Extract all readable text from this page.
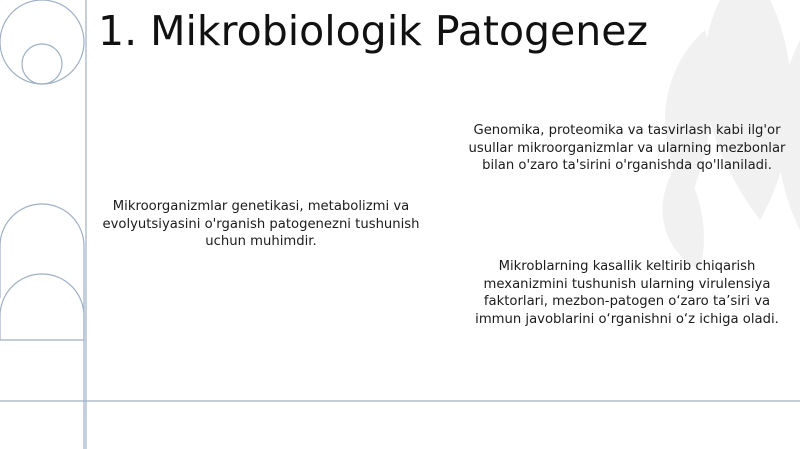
1. Mikrobiologik Patogenez

Mikroorganizmlar genetikasi, metabolizmi va evolyutsiyasini o'rganish patogenezni tushunish uchun muhimdir.

Genomika, proteomika va tasvirlash kabi ilg'or usullar mikroorganizmlar va ularning mezbonlar bilan o'zaro ta'sirini o'rganishda qo'llaniladi.

Mikroblarning kasallik keltirib chiqarish mexanizmini tushunish ularning virulensiya faktorlari, mezbon-patogen o‘zaro ta’siri va immun javoblarini o‘rganishni o‘z ichiga oladi.
